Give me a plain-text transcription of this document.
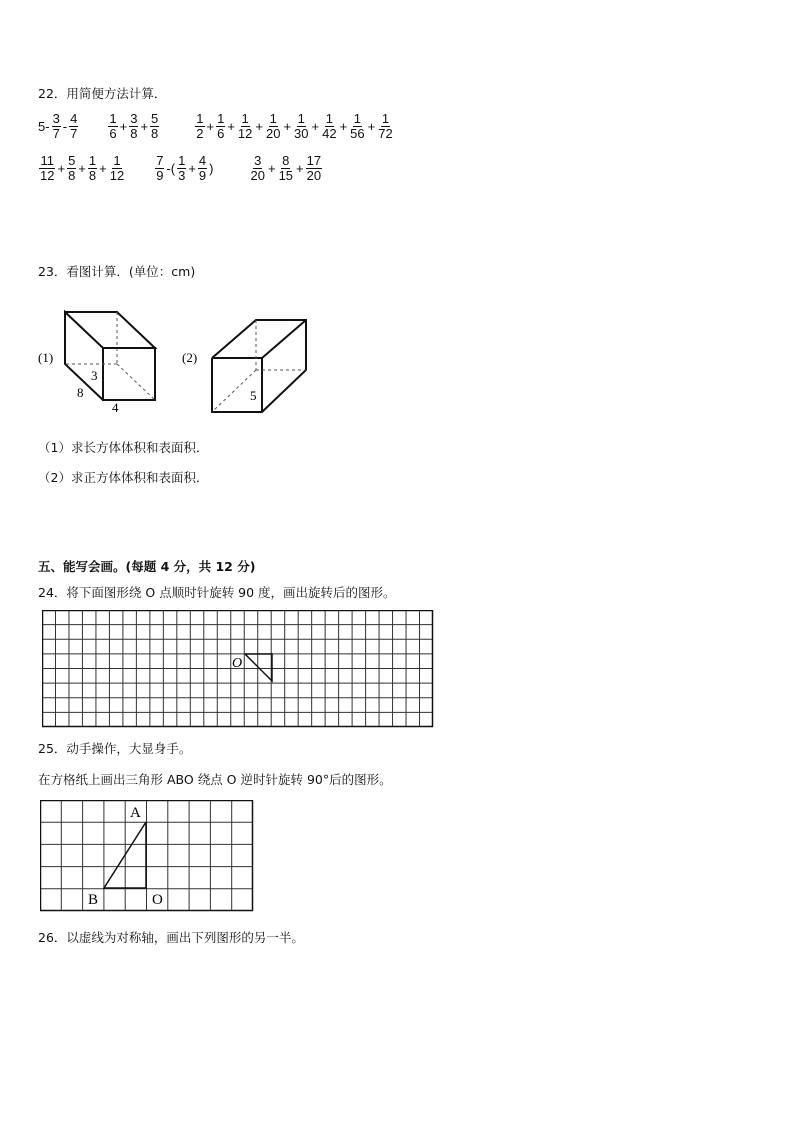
22．用简便方法计算．
$5- \frac{3}{7} - \frac{4}{7} \frac{1}{6} + \frac{3}{8} + \frac{5}{8}$	$\frac{1}{2} + \frac{1}{6} + \frac{1}{12} + \frac{1}{20} + \frac{1}{30} + \frac{1}{42} + \frac{1}{56} + \frac{1}{72}$
$\frac{11}{12} + \frac{5}{8} + \frac{1}{8} + \frac{1}{12} \frac{7}{9}$ -( $\frac{1}{3} + \frac{4}{9}$ )	$\frac{3}{20} + \frac{8}{15} + \frac{17}{20}$
23．看图计算．(单位：cm)
(1)
3
8
4
(2)
5
（1）求长方体体积和表面积．
（2）求正方体体积和表面积．
五、能写会画。(每题 4 分，共 12 分)
24．将下面图形绕 O 点顺时针旋转 90 度，画出旋转后的图形。
O
25．动手操作，大显身手。
在方格纸上画出三角形 ABO 绕点 O 逆时针旋转 90°后的图形。
A
B	O
26．以虚线为对称轴，画出下列图形的另一半。
